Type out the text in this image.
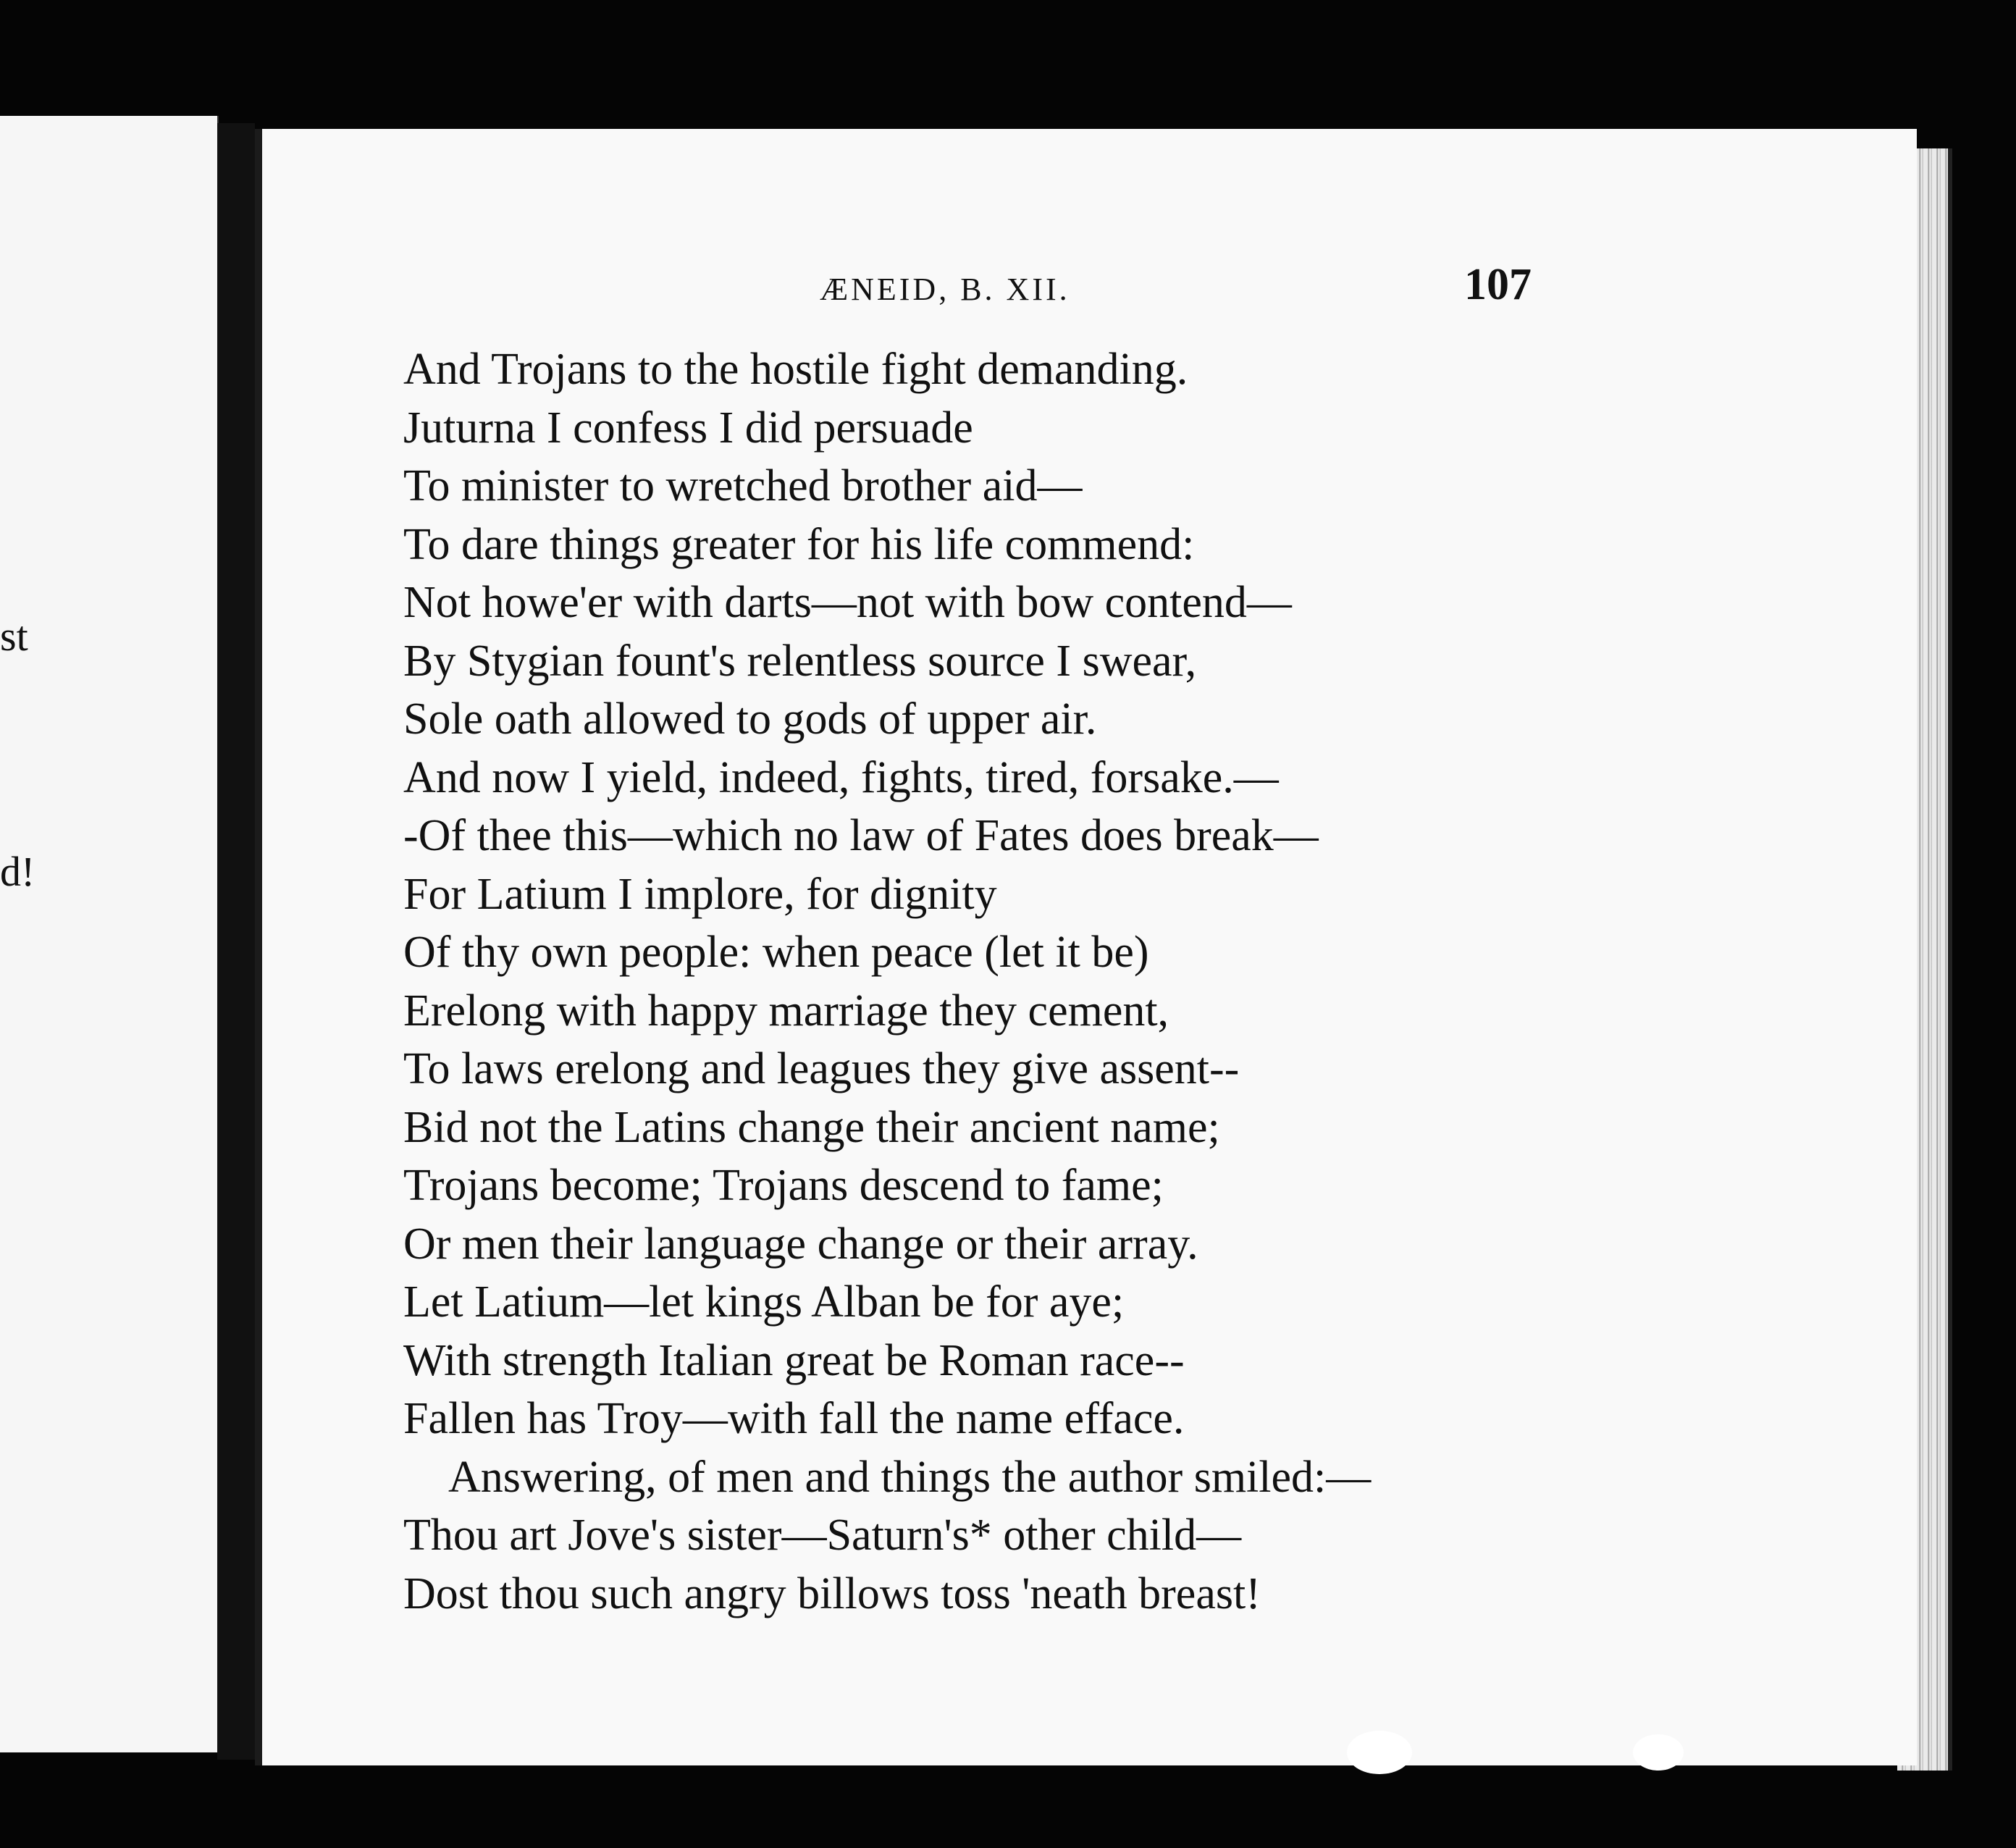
st
d!
ÆNEID, B. XII.	107
And Trojans to the hostile fight demanding.
Juturna I confess I did persuade
To minister to wretched brother aid—
To dare things greater for his life commend:
Not howe'er with darts—not with bow contend—
By Stygian fount's relentless source I swear,
Sole oath allowed to gods of upper air.
And now I yield, indeed, fights, tired, forsake.—
-Of thee this—which no law of Fates does break—
For Latium I implore, for dignity
Of thy own people: when peace (let it be)
Erelong with happy marriage they cement,
To laws erelong and leagues they give assent--
Bid not the Latins change their ancient name;
Trojans become; Trojans descend to fame;
Or men their language change or their array.
Let Latium—let kings Alban be for aye;
With strength Italian great be Roman race--
Fallen has Troy—with fall the name efface.
Answering, of men and things the author smiled:—
Thou art Jove's sister—Saturn's* other child—
Dost thou such angry billows toss 'neath breast!
